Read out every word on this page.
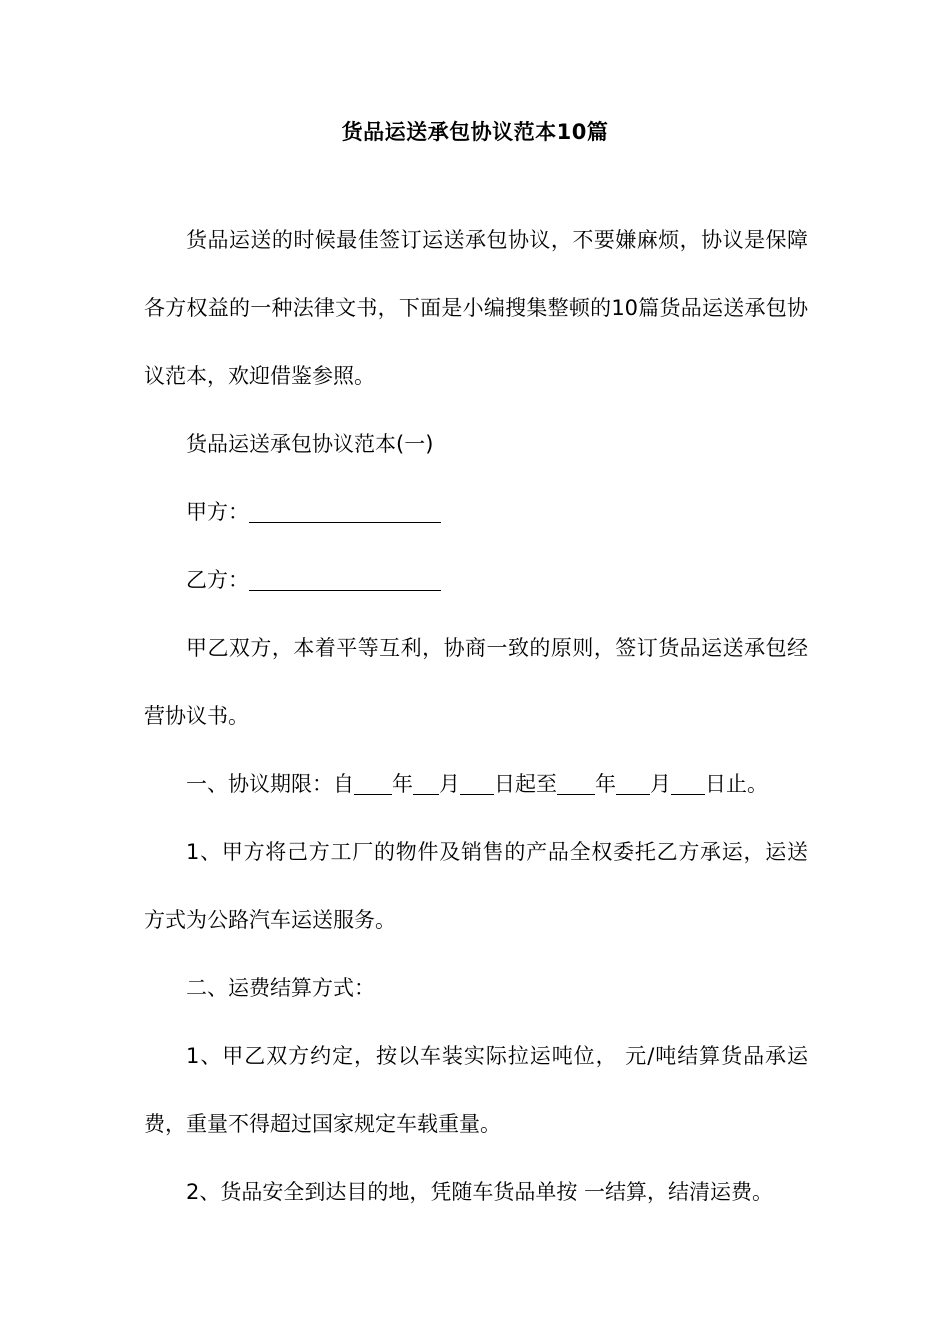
货品运送承包协议范本10篇

货品运送的时候最佳签订运送承包协议，不要嫌麻烦，协议是保障各方权益的一种法律文书，下面是小编搜集整顿的10篇货品运送承包协议范本，欢迎借鉴参照。

货品运送承包协议范本(一)

甲方：

乙方：

甲乙双方，本着平等互利，协商一致的原则，签订货品运送承包经营协议书。

一、协议期限：自 年 月 日起至 年 月 日止。

1、甲方将己方工厂的物件及销售的产品全权委托乙方承运，运送方式为公路汽车运送服务。

二、运费结算方式：

1、甲乙双方约定，按以车装实际拉运吨位， 元/吨结算货品承运费，重量不得超过国家规定车载重量。

2、货品安全到达目的地，凭随车货品单按 一结算，结清运费。
